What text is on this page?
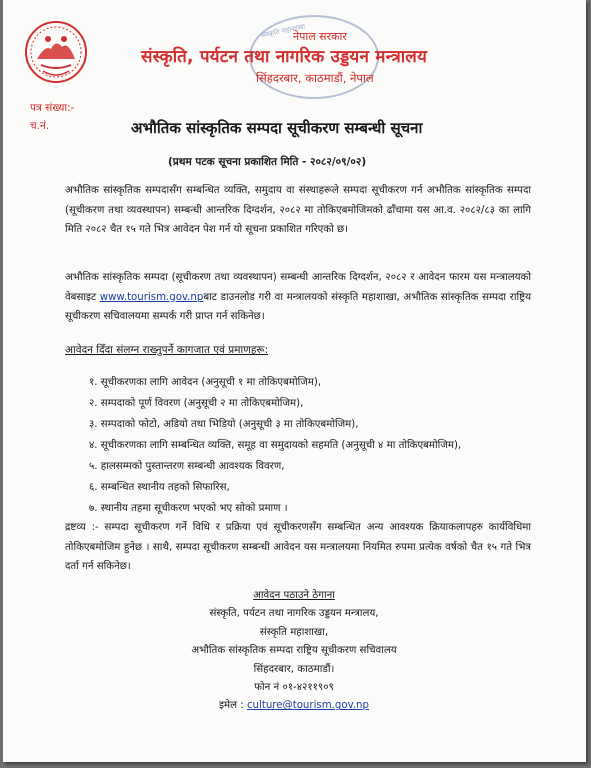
संस्कृति महाशाखा
नेपाल सरकार
संस्कृति, पर्यटन तथा नागरिक उड्डयन मन्त्रालय
सिंहदरबार, काठमाडौं, नेपाल
पत्र संख्या:-
च.नं.	अभौतिक सांस्कृतिक सम्पदा सूचीकरण सम्बन्धी सूचना
(प्रथम पटक सूचना प्रकाशित मिति - २०८२/०९/०२)

अभौतिक सांस्कृतिक सम्पदासँग सम्बन्धित व्यक्ति, समुदाय वा संस्थाहरूले सम्पदा सूचीकरण गर्न अभौतिक सांस्कृतिक सम्पदा (सूचीकरण तथा व्यवस्थापन) सम्बन्धी आन्तरिक दिग्दर्शन, २०८२ मा तोकिएबमोजिमको ढाँचामा यस आ.व. २०८२/८३ का लागि मिति २०८२ चैत १५ गते भित्र आवेदन पेश गर्न यो सूचना प्रकाशित गरिएको छ।

अभौतिक सांस्कृतिक सम्पदा (सूचीकरण तथा व्यवस्थापन) सम्बन्धी आन्तरिक दिग्दर्शन, २०८२ र आवेदन फारम यस मन्त्रालयको वेबसाइट www.tourism.gov.npबाट डाउनलोड गरी वा मन्त्रालयको संस्कृति महाशाखा, अभौतिक सांस्कृतिक सम्पदा राष्ट्रिय सूचीकरण सचिवालयमा सम्पर्क गरी प्राप्त गर्न सकिनेछ।

आवेदन दिँदा संलग्न राख्नुपर्ने कागजात एवं प्रमाणहरू:
१. सूचीकरणका लागि आवेदन (अनुसूची १ मा तोकिएबमोजिम),
२. सम्पदाको पूर्ण विवरण (अनुसूची २ मा तोकिएबमोजिम),
३. सम्पदाको फोटो, अडियो तथा भिडियो (अनुसूची ३ मा तोकिएबमोजिम),
४. सूचीकरणका लागि सम्बन्धित व्यक्ति, समूह वा समुदायको सहमति (अनुसूची ४ मा तोकिएबमोजिम),
५. हालसम्मको पुस्तान्तरण सम्बन्धी आवश्यक विवरण,
६. सम्बन्धित स्थानीय तहको सिफारिस,
७. स्थानीय तहमा सूचीकरण भएको भए सोको प्रमाण ।

द्रष्टव्य :- सम्पदा सूचीकरण गर्ने विधि र प्रक्रिया एवं सूचीकरणसँग सम्बन्धित अन्य आवश्यक क्रियाकलापहरु कार्यविधिमा तोकिएबमोजिम हुनेछ । साथै, सम्पदा सूचीकरण सम्बन्धी आवेदन यस मन्त्रालयमा नियमित रुपमा प्रत्येक वर्षको चैत १५ गते भित्र दर्ता गर्न सकिनेछ।

आवेदन पठाउने ठेगाना
संस्कृति, पर्यटन तथा नागरिक उड्डयन मन्त्रालय,
संस्कृति महाशाखा,
अभौतिक सांस्कृतिक सम्पदा राष्ट्रिय सूचीकरण सचिवालय
सिंहदरबार, काठमाडौं।
फोन नं ०१-४२११९०९
इमेल : culture@tourism.gov.np
